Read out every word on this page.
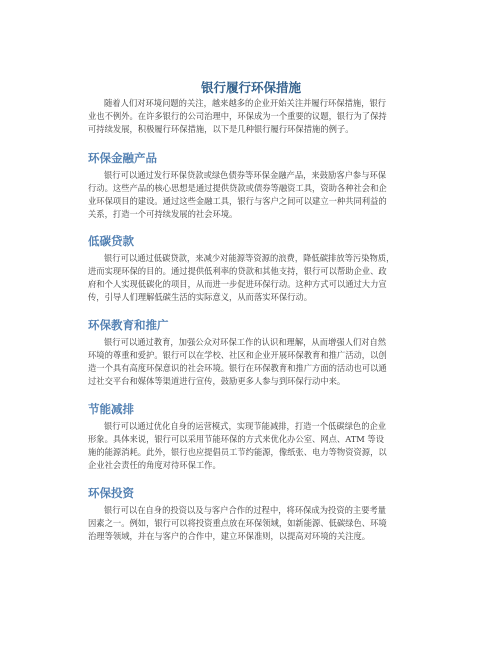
银行履行环保措施

随着人们对环境问题的关注，越来越多的企业开始关注并履行环保措施，银行
业也不例外。在许多银行的公司治理中，环保成为一个重要的议题，银行为了保持
可持续发展，积极履行环保措施，以下是几种银行履行环保措施的例子。

环保金融产品

银行可以通过发行环保贷款或绿色债券等环保金融产品，来鼓励客户参与环保
行动。这些产品的核心思想是通过提供贷款或债券等融资工具，资助各种社会和企
业环保项目的建设。通过这些金融工具，银行与客户之间可以建立一种共同利益的
关系，打造一个可持续发展的社会环境。

低碳贷款

银行可以通过低碳贷款，来减少对能源等资源的浪费，降低碳排放等污染物质，
进而实现环保的目的。通过提供低利率的贷款和其他支持，银行可以帮助企业、政
府和个人实现低碳化的项目，从而进一步促进环保行动。这种方式可以通过大力宣
传，引导人们理解低碳生活的实际意义，从而落实环保行动。

环保教育和推广

银行可以通过教育，加强公众对环保工作的认识和理解，从而增强人们对自然
环境的尊重和爱护。银行可以在学校、社区和企业开展环保教育和推广活动，以创
造一个具有高度环保意识的社会环境。银行在环保教育和推广方面的活动也可以通
过社交平台和媒体等渠道进行宣传，鼓励更多人参与到环保行动中来。

节能减排

银行可以通过优化自身的运营模式，实现节能减排，打造一个低碳绿色的企业
形象。具体来说，银行可以采用节能环保的方式来优化办公室、网点、ATM 等设
施的能源消耗。此外，银行也应提倡员工节约能源，像纸张、电力等物资资源，以
企业社会责任的角度对待环保工作。

环保投资

银行可以在自身的投资以及与客户合作的过程中，将环保成为投资的主要考量
因素之一。例如，银行可以将投资重点放在环保领域，如新能源、低碳绿色、环境
治理等领域，并在与客户的合作中，建立环保准则，以提高对环境的关注度。
